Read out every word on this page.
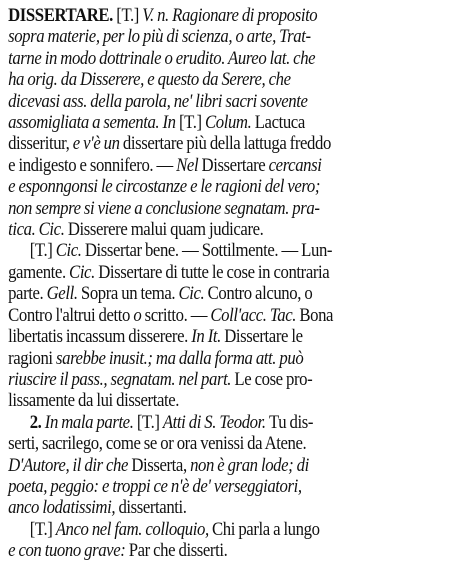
DISSERTARE. [T.] V. n. Ragionare di proposito
sopra materie, per lo più di scienza, o arte, Trat-
tarne in modo dottrinale o erudito. Aureo lat. che
ha orig. da Disserere, e questo da Serere, che
dicevasi ass. della parola, ne' libri sacri sovente
assomigliata a sementa. In [T.] Colum. Lactuca
disseritur, e v'è un dissertare più della lattuga freddo
e indigesto e sonnifero. — Nel Dissertare cercansi
e esponngonsi le circostanze e le ragioni del vero;
non sempre si viene a conclusione segnatam. pra-
tica. Cic. Disserere malui quam judicare.
[T.] Cic. Dissertar bene. — Sottilmente. — Lun-
gamente. Cic. Dissertare di tutte le cose in contraria
parte. Gell. Sopra un tema. Cic. Contro alcuno, o
Contro l'altrui detto o scritto. — Coll'acc. Tac. Bona
libertatis incassum disserere. In It. Dissertare le
ragioni sarebbe inusit.; ma dalla forma att. può
riuscire il pass., segnatam. nel part. Le cose pro-
lissamente da lui dissertate.
2. In mala parte. [T.] Atti di S. Teodor. Tu dis-
serti, sacrilego, come se or ora venissi da Atene.
D'Autore, il dir che Disserta, non è gran lode; di
poeta, peggio: e troppi ce n'è de' verseggiatori,
anco lodatissimi, dissertanti.
[T.] Anco nel fam. colloquio, Chi parla a lungo
e con tuono grave: Par che disserti.
